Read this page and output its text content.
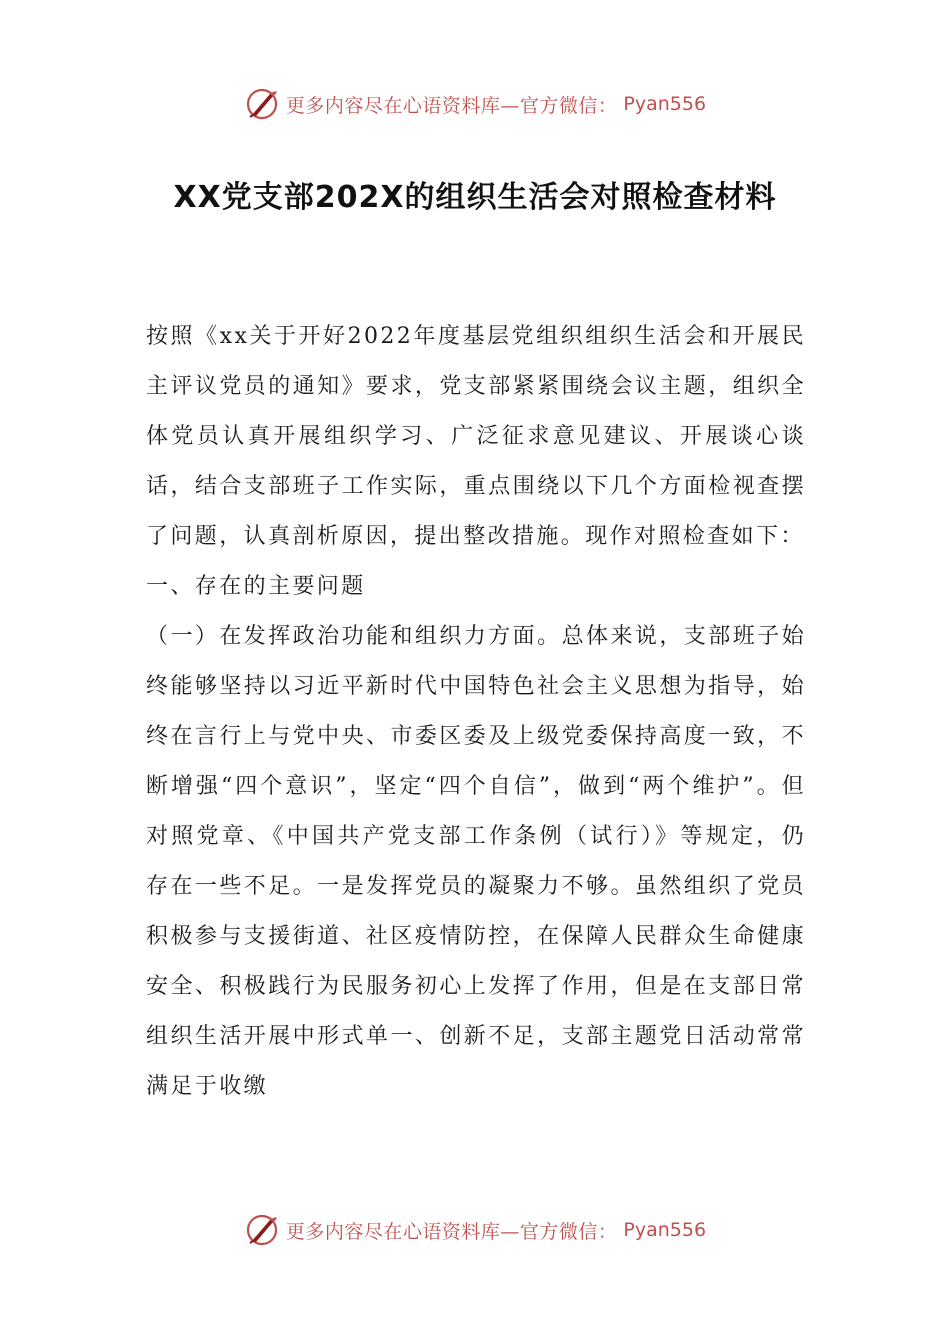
更多内容尽在心语资料库—官方微信： Pyan556
XX党支部202X的组织生活会对照检查材料

按照《xx关于开好2022年度基层党组织组织生活会和开展民主评议党员的通知》要求，党支部紧紧围绕会议主题，组织全体党员认真开展组织学习、广泛征求意见建议、开展谈心谈话，结合支部班子工作实际，重点围绕以下几个方面检视查摆了问题，认真剖析原因，提出整改措施。现作对照检查如下：

一、存在的主要问题

（一）在发挥政治功能和组织力方面。总体来说，支部班子始终能够坚持以习近平新时代中国特色社会主义思想为指导，始终在言行上与党中央、市委区委及上级党委保持高度一致，不断增强“四个意识”，坚定“四个自信”，做到“两个维护”。但对照党章、《中国共产党支部工作条例（试行）》等规定，仍存在一些不足。一是发挥党员的凝聚力不够。虽然组织了党员积极参与支援街道、社区疫情防控，在保障人民群众生命健康安全、积极践行为民服务初心上发挥了作用，但是在支部日常组织生活开展中形式单一、创新不足，支部主题党日活动常常满足于收缴

更多内容尽在心语资料库—官方微信： Pyan556
